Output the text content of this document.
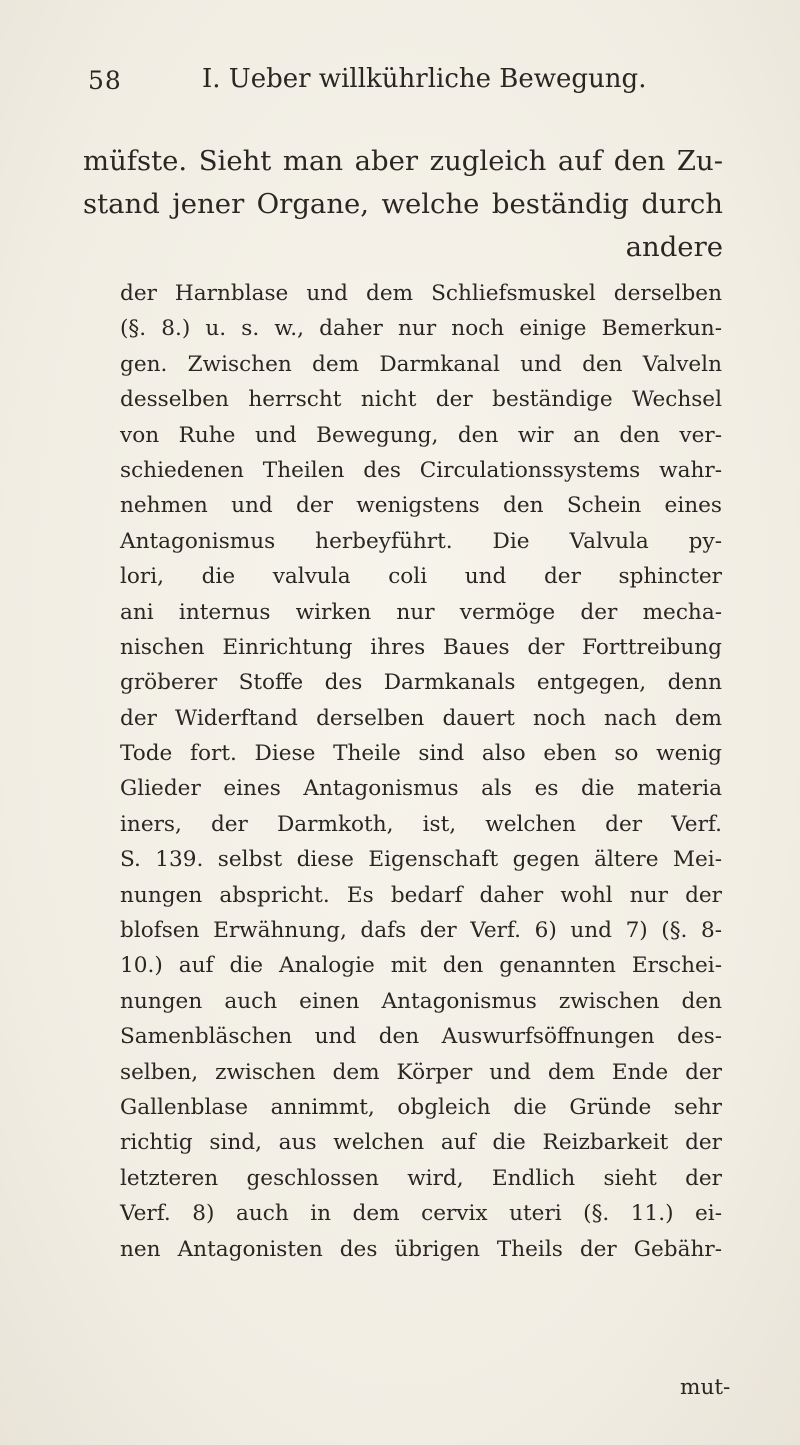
58	I. Ueber willkührliche Bewegung.
müfste. Sieht man aber zugleich auf den Zu-
stand jener Organe, welche beständig durch
andere
der Harnblase und dem Schliefsmuskel derselben
(§. 8.) u. s. w., daher nur noch einige Bemerkun-
gen. Zwischen dem Darmkanal und den Valveln
desselben herrscht nicht der beständige Wechsel
von Ruhe und Bewegung, den wir an den ver-
schiedenen Theilen des Circulationssystems wahr-
nehmen und der wenigstens den Schein eines
Antagonismus herbeyführt. Die Valvula py-
lori, die valvula coli und der sphincter
ani internus wirken nur vermöge der mecha-
nischen Einrichtung ihres Baues der Forttreibung
gröberer Stoffe des Darmkanals entgegen, denn
der Widerftand derselben dauert noch nach dem
Tode fort. Diese Theile sind also eben so wenig
Glieder eines Antagonismus als es die materia
iners, der Darmkoth, ist, welchen der Verf.
S. 139. selbst diese Eigenschaft gegen ältere Mei-
nungen abspricht. Es bedarf daher wohl nur der
blofsen Erwähnung, dafs der Verf. 6) und 7) (§. 8-
10.) auf die Analogie mit den genannten Erschei-
nungen auch einen Antagonismus zwischen den
Samenbläschen und den Auswurfsöffnungen des-
selben, zwischen dem Körper und dem Ende der
Gallenblase annimmt, obgleich die Gründe sehr
richtig sind, aus welchen auf die Reizbarkeit der
letzteren geschlossen wird, Endlich sieht der
Verf. 8) auch in dem cervix uteri (§. 11.) ei-
nen Antagonisten des übrigen Theils der Gebähr-
mut-
